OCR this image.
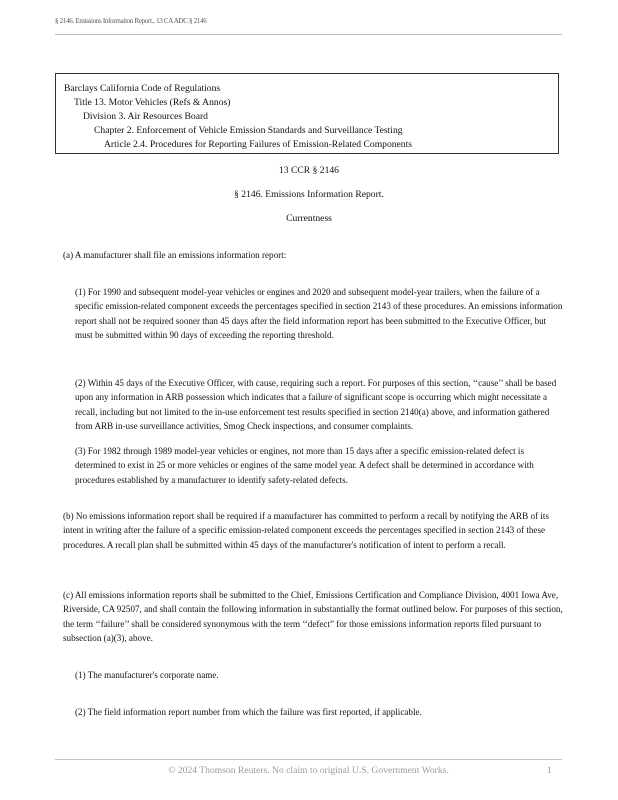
§ 2146. Emissions Information Report., 13 CA ADC § 2146
Barclays California Code of Regulations
Title 13. Motor Vehicles (Refs & Annos)
Division 3. Air Resources Board
Chapter 2. Enforcement of Vehicle Emission Standards and Surveillance Testing
Article 2.4. Procedures for Reporting Failures of Emission-Related Components
13 CCR § 2146
§ 2146. Emissions Information Report.
Currentness
(a) A manufacturer shall file an emissions information report:
(1) For 1990 and subsequent model-year vehicles or engines and 2020 and subsequent model-year trailers, when the failure of a specific emission-related component exceeds the percentages specified in section 2143 of these procedures. An emissions information report shall not be required sooner than 45 days after the field information report has been submitted to the Executive Officer, but must be submitted within 90 days of exceeding the reporting threshold.
(2) Within 45 days of the Executive Officer, with cause, requiring such a report. For purposes of this section, ‘‘cause’’ shall be based upon any information in ARB possession which indicates that a failure of significant scope is occurring which might necessitate a recall, including but not limited to the in-use enforcement test results specified in section 2140(a) above, and information gathered from ARB in-use surveillance activities, Smog Check inspections, and consumer complaints.
(3) For 1982 through 1989 model-year vehicles or engines, not more than 15 days after a specific emission-related defect is determined to exist in 25 or more vehicles or engines of the same model year. A defect shall be determined in accordance with procedures established by a manufacturer to identify safety-related defects.
(b) No emissions information report shall be required if a manufacturer has committed to perform a recall by notifying the ARB of its intent in writing after the failure of a specific emission-related component exceeds the percentages specified in section 2143 of these procedures. A recall plan shall be submitted within 45 days of the manufacturer's notification of intent to perform a recall.
(c) All emissions information reports shall be submitted to the Chief, Emissions Certification and Compliance Division, 4001 Iowa Ave, Riverside, CA 92507, and shall contain the following information in substantially the format outlined below. For purposes of this section, the term ‘‘failure’’ shall be considered synonymous with the term ‘‘defect” for those emissions information reports filed pursuant to subsection (a)(3), above.
(1) The manufacturer's corporate name.
(2) The field information report number from which the failure was first reported, if applicable.
© 2024 Thomson Reuters. No claim to original U.S. Government Works.	1
